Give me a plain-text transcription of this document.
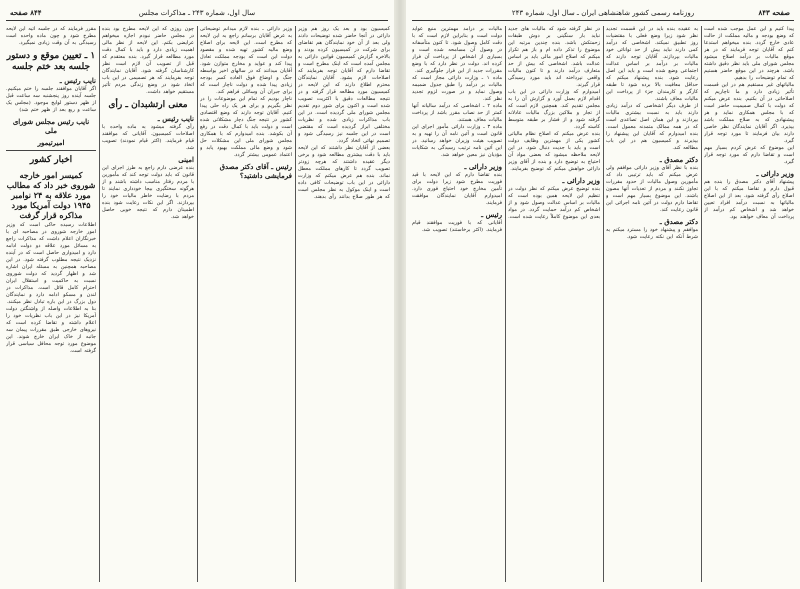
۸۴۴ صفحه	سال اول، شماره ۲۴۳ ـ مذاکرات مجلس
کمیسیون بود و بعد یک روز هم وزیر دارائی در آنجا حاضر شده توضیحات دادند ولی بعد از آن خود نمایندگان هم تقاضای برای شرکت در کمیسیون کرده بودند و بالاخره گزارش کمیسیون قوانین دارائی به مجلس آمده است که اینک مطرح است و تقاضا دارم که آقایان توجه بفرمایند که اصلاحات لازم بشود. آقایان نمایندگان محترم اطلاع دارند که این لایحه در کمیسیون مورد مطالعه قرار گرفته و در نتیجه مطالعات دقیق با اکثریت تصویب شده است و اکنون برای شور دوم تقدیم مجلس شورای ملی گردیده است. در این باب مذاکرات زیادی شده و نظریات مختلفی ابراز گردیده است که مقتضی است در این جلسه نیز رسیدگی شود و تصمیم نهائی اتخاذ گردد.
بعضی از آقایان نظر داشتند که این لایحه باید با دقت بیشتری مطالعه شود و برخی دیگر عقیده داشتند که هرچه زودتر تصویب گردد تا کارهای مملکت معطل نماند. بنده هم عرض میکنم که وزارت دارائی در این باب توضیحات کافی داده است و اینک موکول به نظر مجلس است که هر طور صلاح بدانند رأی بدهند.
وزیر دارائی ـ بنده لازم میدانم توضیحاتی به عرض آقایان برسانم راجع به این لایحه که مطرح است. این لایحه برای اصلاح وضع مالیه کشور تهیه شده و مقصود دولت این است که بودجه مملکت تعادل پیدا کند و عواید و مخارج متوازن شود. آقایان میدانند که در سالهای اخیر بواسطه جنگ و اوضاع فوق العاده کسر بودجه زیادی پیدا شده و دولت ناچار است که برای جبران آن وسائلی فراهم کند.
ناچار بودیم که تمام این موضوعات را در نظر بگیریم و برای هر یک راه حلی پیدا کنیم. آقایان توجه دارند که وضع اقتصادی کشور در نتیجه جنگ دچار مشکلاتی شده است و دولت باید با کمال دقت در رفع آن بکوشد. بنده امیدوارم که با همکاری مجلس شورای ملی این مشکلات حل شود و وضع مالی مملکت بهبود یابد و اعتماد عمومی بیشتر گردد.
رئیس ـ آقای دکتر مصدق فرمایشی داشتید؟
چون روزی که این لایحه مطرح بود بنده در مجلس حاضر نبودم اجازه میخواهم عرایضی بکنم. این لایحه از نظر مالی اهمیت زیادی دارد و باید با کمال دقت مورد مطالعه قرار گیرد. بنده معتقدم که قبل از تصویب آن لازم است نظر کارشناسان گرفته شود. آقایان نمایندگان توجه بفرمایند که هر تصمیمی در این باب اتخاذ شود در وضع زندگی مردم تأثیر مستقیم خواهد داشت.
معنی ارتشبدان ـ رأی
نایب رئیس ـ
رأی گرفته میشود به ماده واحده با اصلاحات کمیسیون. آقایانی که موافقند قیام فرمایند. (اکثر قیام نمودند) تصویب شد.
امینی
بنده عرضی دارم راجع به طرز اجرای این قانون که باید دولت توجه کند که مأمورین با مردم رفتار مناسب داشته باشند و از هرگونه سختگیری بیجا خودداری نمایند تا مردم با رضایت خاطر مالیات خود را بپردازند. اگر این نکات رعایت شود بنده اطمینان دارم که نتیجه خوبی حاصل خواهد شد.
مقرر فرمایند که در جلسه آتیه این لایحه مطرح شود و چون ماده واحده است رسیدگی به آن وقت زیادی نمیگیرد.
۱ ـ تعیین موقع و دستور جلسه بعد ختم جلسه
نایب رئیس ـ
اگر آقایان موافقند جلسه را ختم میکنیم. جلسه آینده روز پنجشنبه سه ساعت قبل از ظهر دستور لوایح موجود. (مجلس یک ساعت و ربع بعد از ظهر ختم شد)
نایب رئیس مجلس شورای ملی
امیرتیمور
اخبار کشور
کمیسر امور خارجه شوروی خبر داد که مطالب مورد علاقه به ۲۴ نوامبر ۱۹۴۵ دولت آمریکا مورد مذاکره قرار گرفت
اطلاعات رسیده حاکی است که وزیر امور خارجه شوروی در مصاحبه ای با خبرنگاران اعلام داشت که مذاکرات راجع به مسائل مورد علاقه دو دولت ادامه دارد و امیدواری حاصل است که در آینده نزدیک نتیجه مطلوب گرفته شود. در این مصاحبه همچنین به مسئله ایران اشاره شد و اظهار گردید که دولت شوروی نسبت به حاکمیت و استقلال ایران احترام کامل قائل است. مذاکرات در لندن و مسکو ادامه دارد و نمایندگان دول بزرگ در این باره تبادل نظر میکنند.
بنا به اطلاعات واصله از واشنگتن دولت آمریکا نیز در این باب نظریات خود را اعلام داشته و تقاضا کرده است که نیروهای خارجی طبق مقررات پیمان سه جانبه از خاک ایران خارج شوند. این موضوع مورد توجه محافل سیاسی قرار گرفته است.
صفحه ۸۴۳
روزنامه رسمی کشور شاهنشاهی ایران ـ سال اول، شماره ۲۴۳
پیدا کنیم و این عمل موجب شده است که وضع بودجه و مالیه مملکت از حالت عادی خارج گردد. بنده میخواهم استدعا کنم که آقایان توجه فرمایند که در هر موقع مالیات بر درآمد اصلاح میشود مجلس شورای ملی باید نظر دقیق داشته باشد. هرچند در این موقع حاضر هستیم که تمام توضیحات را بدهیم.
مالیاتهای غیر مستقیم هم در این قسمت تأثیر زیادی دارد و ما ناچاریم که اصلاحاتی در آن بکنیم. بنده عرض میکنم که دولت با کمال صمیمیت حاضر است که با مجلس همکاری نماید و هر پیشنهادی که به صلاح مملکت باشد بپذیرد. اگر آقایان نمایندگان نظر خاصی دارند بیان فرمایند تا مورد توجه قرار گیرد.
این موضوع که عرض کردم بسیار مهم است و تقاضا دارم که مورد توجه قرار گیرد.
وزیر دارائی ـ
پیشنهاد آقای دکتر مصدق را بنده هم قبول دارم و تقاضا میکنم که با این اصلاح رأی گرفته شود. بعد از این اصلاح مالیاتها به نسبت درآمد افراد تعیین خواهد شد و اشخاص کم درآمد از پرداخت آن معاف خواهند بود.
به عقیده بنده باید در این قسمت تجدید نظر شود زیرا وضع فعلی با مقتضیات روز تطبیق نمیکند. اشخاصی که درآمد کمی دارند نباید بیش از حد توانائی خود مالیات بپردازند. آقایان توجه دارند که مالیات بر درآمد بر اساس عدالت اجتماعی وضع شده است و باید این اصل رعایت شود. بنده پیشنهاد میکنم که حداقل معافیت بالا برده شود تا طبقه کارگر و کارمندان جزء از پرداخت این مالیات معاف باشند.
از طرف دیگر اشخاصی که درآمد زیادی دارند باید به نسبت بیشتری مالیات بپردازند و این همان اصل تصاعدی است که در همه ممالک متمدنه معمول است. بنده امیدوارم که آقایان این پیشنهاد را بپذیرند و کمیسیون هم در این باب مطالعه کند.
دکتر مصدق ـ
بنده با نظر آقای وزیر دارائی موافقم ولی عرض میکنم که باید ترتیبی داد که مأمورین وصول مالیات از حدود مقررات تجاوز نکنند و مردم از تعدیات آنها مصون باشند. این موضوع بسیار مهم است و تقاضا دارم دولت در آئین نامه اجرائی این قانون رعایت کند.
دکتر مصدق ـ
موافقم و پیشنهاد خود را مسترد میکنم به شرط آنکه این نکته رعایت شود.
در نظر گرفته شود که مالیات های جدید نباید بار سنگینی بر دوش طبقات زحمتکش باشد. بنده چندین مرتبه این موضوع را تذکر داده ام و باز هم تکرار میکنم که اصلاح امور مالی باید بر اساس عدالت باشد. اشخاصی که بیش از حد متعارف درآمد دارند و تا کنون مالیات واقعی نپرداخته اند باید مورد رسیدگی قرار گیرند.
امیدوارم که وزارت دارائی در این باب اقدام لازم بعمل آورد و گزارش آن را به مجلس تقدیم کند. همچنین لازم است که از تجار و ملاکین بزرگ مالیات عادلانه گرفته شود و از فشار بر طبقه متوسط کاسته گردد.
بنده عرض میکنم که اصلاح نظام مالیاتی کشور یکی از مهمترین وظایف دولت است و باید با جدیت دنبال شود. در این لایحه ملاحظه میشود که بعضی مواد آن احتیاج به توضیح دارد و بنده از آقای وزیر دارائی خواهش میکنم که توضیح بفرمایند.
وزیر دارائی ـ
بنده توضیح عرض میکنم که نظر دولت در تنظیم این لایحه همین بوده است که مالیات بر اساس عدالت وصول شود و از اشخاص کم درآمد حمایت گردد. در مواد بعدی این موضوع کاملاً رعایت شده است.
مالیات بر درآمد مهمترین منبع عواید دولت است و بنابراین لازم است که با دقت کامل وصول شود. تا کنون متأسفانه در وصول آن مسامحه شده است و بسیاری از اشخاص از پرداخت آن فرار کرده اند. دولت در نظر دارد که با وضع مقررات جدید از این فرار جلوگیری کند.
ماده ۱ ـ وزارت دارائی مجاز است که مالیات بر درآمد را طبق جدول ضمیمه وصول نماید و در صورت لزوم تجدید نظر کند.
ماده ۲ ـ اشخاصی که درآمد سالیانه آنها کمتر از حد نصاب مقرر باشد از پرداخت مالیات معاف هستند.
ماده ۳ ـ وزارت دارائی مأمور اجرای این قانون است و آئین نامه آن را تهیه و به تصویب هیئت وزیران خواهد رسانید. در این آئین نامه ترتیب رسیدگی به شکایات مؤدیان نیز معین خواهد شد.
وزیر دارائی ـ
بنده تقاضا دارم که این لایحه با قید فوریت مطرح شود زیرا دولت برای تأمین مخارج خود احتیاج فوری دارد. امیدوارم آقایان نمایندگان موافقت فرمایند.
رئیس ـ
آقایانی که با فوریت موافقند قیام فرمایند. (اکثر برخاستند) تصویب شد.
